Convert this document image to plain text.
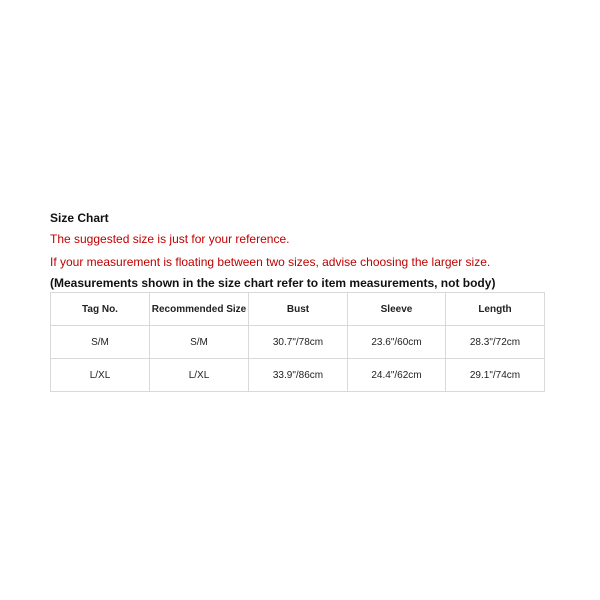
Size Chart
The suggested size is just for your reference.
If your measurement is floating between two sizes, advise choosing the larger size.
(Measurements shown in the size chart refer to item measurements, not body)
Tag No.	Recommended Size	Bust	Sleeve	Length
S/M	S/M	30.7"/78cm	23.6"/60cm	28.3"/72cm
L/XL	L/XL	33.9"/86cm	24.4"/62cm	29.1"/74cm
